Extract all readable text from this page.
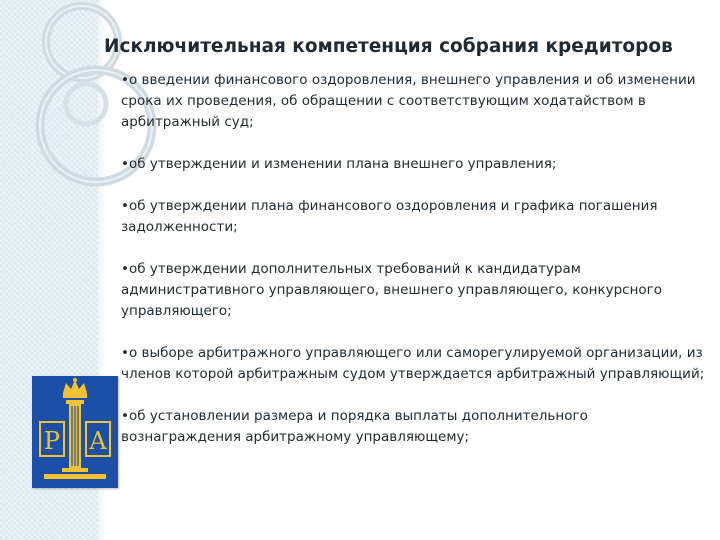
Исключительная компетенция собрания кредиторов
•о введении финансового оздоровления, внешнего управления и об изменении срока их проведения, об обращении с соответствующим ходатайством в арбитражный суд;
•об утверждении и изменении плана внешнего управления;
•об утверждении плана финансового оздоровления и графика погашения задолженности;
•об утверждении дополнительных требований к кандидатурам административного управляющего, внешнего управляющего, конкурсного управляющего;
•о выборе арбитражного управляющего или саморегулируемой организации, из членов которой арбитражным судом утверждается арбитражный управляющий;
•об установлении размера и порядка выплаты дополнительного вознаграждения арбитражному управляющему;
Р А
